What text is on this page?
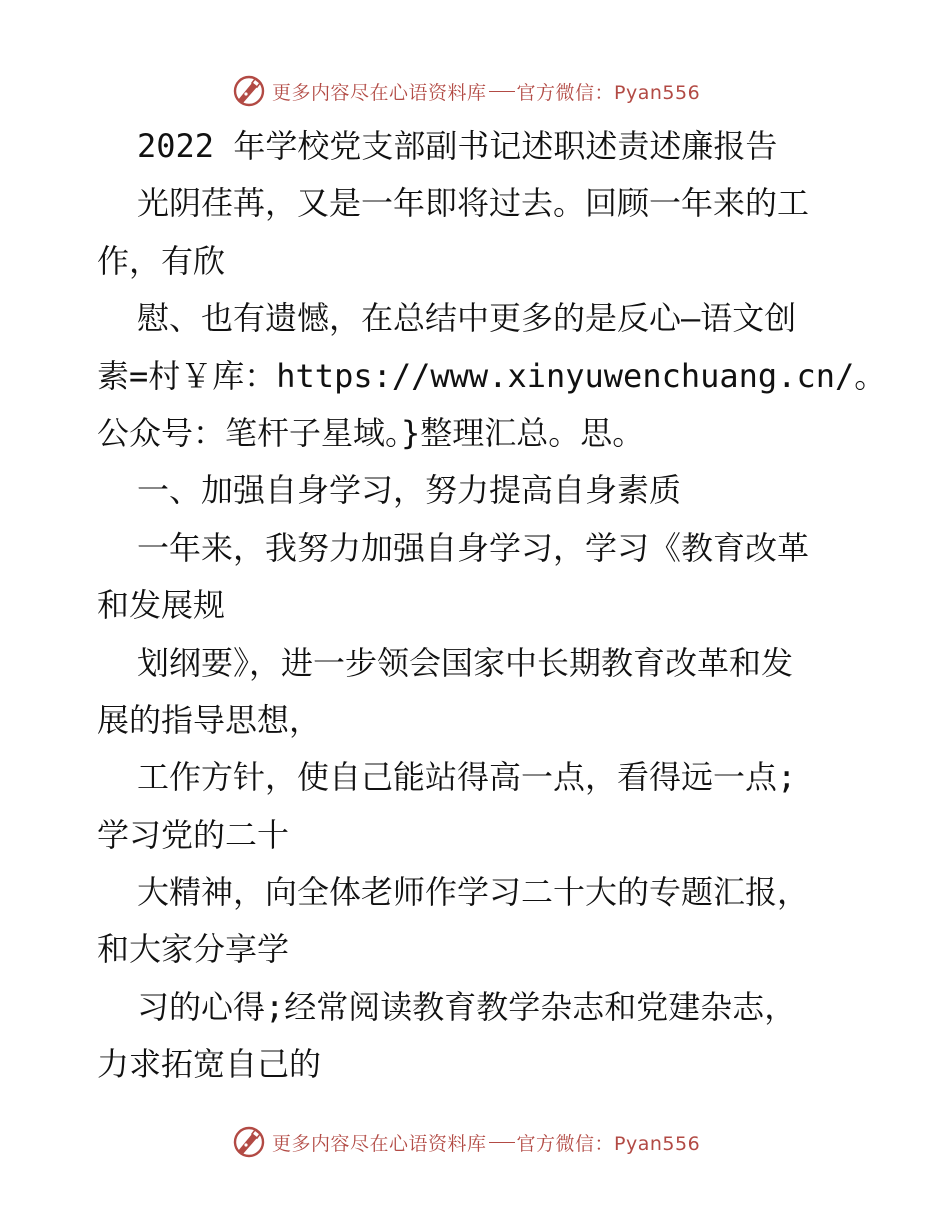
更多内容尽在心语资料库 官方微信：Pyan556
2022 年学校党支部副书记述职述责述廉报告
光阴荏苒，又是一年即将过去。回顾一年来的工
作，有欣
慰、也有遗憾，在总结中更多的是反心—语文创
素=村￥库：https://www.xinyuwenchuang.cn/。
公众号：笔杆子星域。}整理汇总。思。
一、加强自身学习，努力提高自身素质
一年来，我努力加强自身学习，学习《教育改革
和发展规
划纲要》，进一步领会国家中长期教育改革和发
展的指导思想，
工作方针，使自己能站得高一点，看得远一点;
学习党的二十
大精神，向全体老师作学习二十大的专题汇报，
和大家分享学
习的心得;经常阅读教育教学杂志和党建杂志，
力求拓宽自己的
更多内容尽在心语资料库 官方微信：Pyan556
